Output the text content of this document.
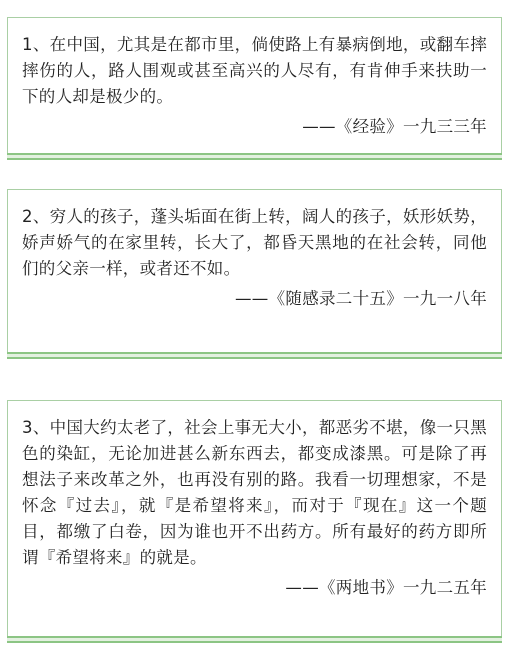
1、在中国，尤其是在都市里，倘使路上有暴病倒地，或翻车摔摔伤的人，路人围观或甚至高兴的人尽有，有肯伸手来扶助一下的人却是极少的。

——《经验》一九三三年

2、穷人的孩子，蓬头垢面在街上转，阔人的孩子，妖形妖势，娇声娇气的在家里转，长大了，都昏天黑地的在社会转，同他们的父亲一样，或者还不如。

——《随感录二十五》一九一八年

3、中国大约太老了，社会上事无大小，都恶劣不堪，像一只黑色的染缸，无论加进甚么新东西去，都变成漆黑。可是除了再想法子来改革之外，也再没有别的路。我看一切理想家，不是怀念『过去』，就『是希望将来』，而对于『现在』这一个题目，都缴了白卷，因为谁也开不出药方。所有最好的药方即所谓『希望将来』的就是。

——《两地书》一九二五年
